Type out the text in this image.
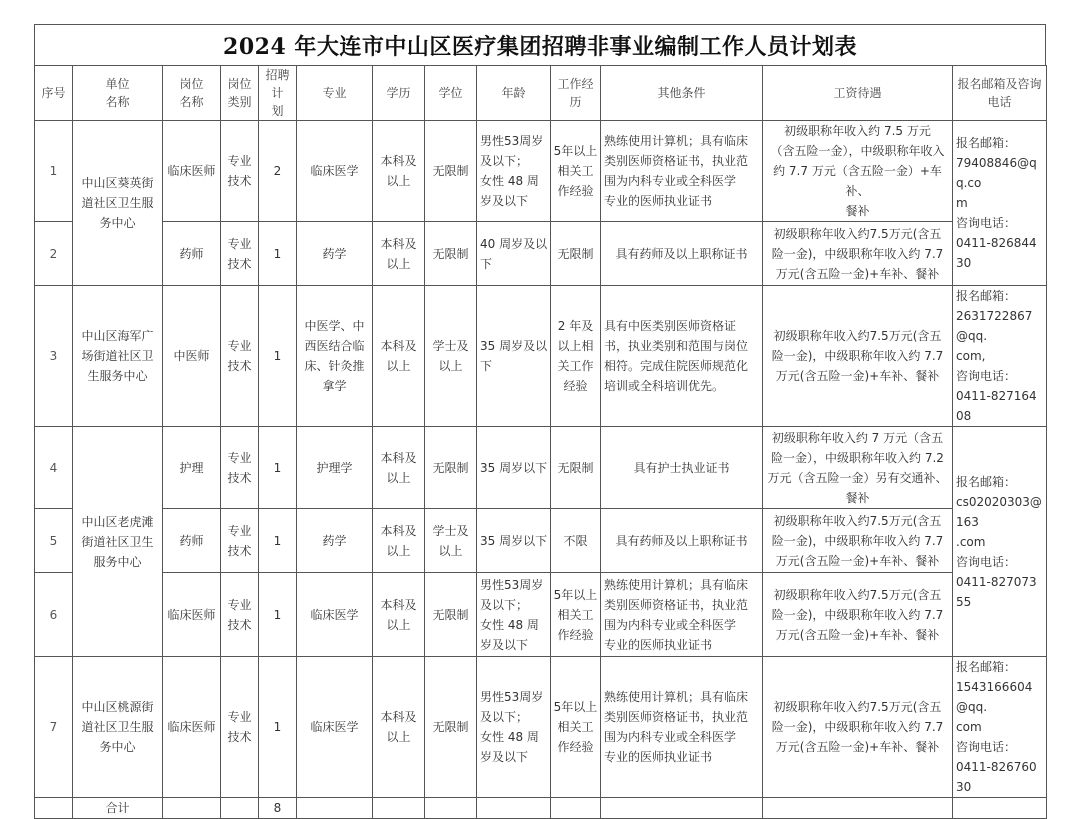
2024 年大连市中山区医疗集团招聘非事业编制工作人员计划表
序号	单位
名称	岗位
名称	岗位
类别	招聘计
划	专业	学历	学位	年龄	工作经
历	其他条件	工资待遇	报名邮箱及咨询
电话

1	中山区葵英街
道社区卫生服
务中心	临床医师	专业
技术	2	临床医学	本科及
以上	无限制	男性53周岁
及以下；
女性 48 周
岁及以下	5年以上
相关工
作经验	熟练使用计算机；具有临床
类别医师资格证书，执业范
围为内科专业或全科医学
专业的医师执业证书	初级职称年收入约 7.5 万元
（含五险一金），中级职称年收入
约 7.7 万元（含五险一金）+车补、
餐补	报名邮箱：
79408846@qq.co
m
咨询电话：
0411-82684430

2		药师	专业
技术	1	药学	本科及
以上	无限制	40 周岁及以
下	无限制	具有药师及以上职称证书	初级职称年收入约7.5万元(含五
险一金)，中级职称年收入约 7.7
万元(含五险一金)+车补、餐补	

3	中山区海军广
场街道社区卫
生服务中心	中医师	专业
技术	1	中医学、中
西医结合临
床、针灸推
拿学	本科及
以上	学士及
以上	35 周岁及以
下	2 年及
以上相
关工作
经验	具有中医类别医师资格证
书，执业类别和范围与岗位
相符。完成住院医师规范化
培训或全科培训优先。	初级职称年收入约7.5万元(含五
险一金)，中级职称年收入约 7.7
万元(含五险一金)+车补、餐补	报名邮箱：
2631722867@qq.
com,
咨询电话：
0411-82716408

4	中山区老虎滩
街道社区卫生
服务中心	护理	专业
技术	1	护理学	本科及
以上	无限制	35 周岁以下	无限制	具有护士执业证书	初级职称年收入约 7 万元（含五
险一金），中级职称年收入约 7.2
万元（含五险一金）另有交通补、
餐补	报名邮箱：
cs02020303@163
.com
咨询电话：
0411-82707355

5		药师	专业
技术	1	药学	本科及
以上	学士及
以上	35 周岁以下	不限	具有药师及以上职称证书	初级职称年收入约7.5万元(含五
险一金)，中级职称年收入约 7.7
万元(含五险一金)+车补、餐补	

6		临床医师	专业
技术	1	临床医学	本科及
以上	无限制	男性53周岁
及以下；
女性 48 周
岁及以下	5年以上
相关工
作经验	熟练使用计算机；具有临床
类别医师资格证书，执业范
围为内科专业或全科医学
专业的医师执业证书	初级职称年收入约7.5万元(含五
险一金)，中级职称年收入约 7.7
万元(含五险一金)+车补、餐补	

7	中山区桃源街
道社区卫生服
务中心	临床医师	专业
技术	1	临床医学	本科及
以上	无限制	男性53周岁
及以下；
女性 48 周
岁及以下	5年以上
相关工
作经验	熟练使用计算机；具有临床
类别医师资格证书，执业范
围为内科专业或全科医学
专业的医师执业证书	初级职称年收入约7.5万元(含五
险一金)，中级职称年收入约 7.7
万元(含五险一金)+车补、餐补	报名邮箱：
1543166604@qq.
com
咨询电话：
0411-82676030

	合计			8								
